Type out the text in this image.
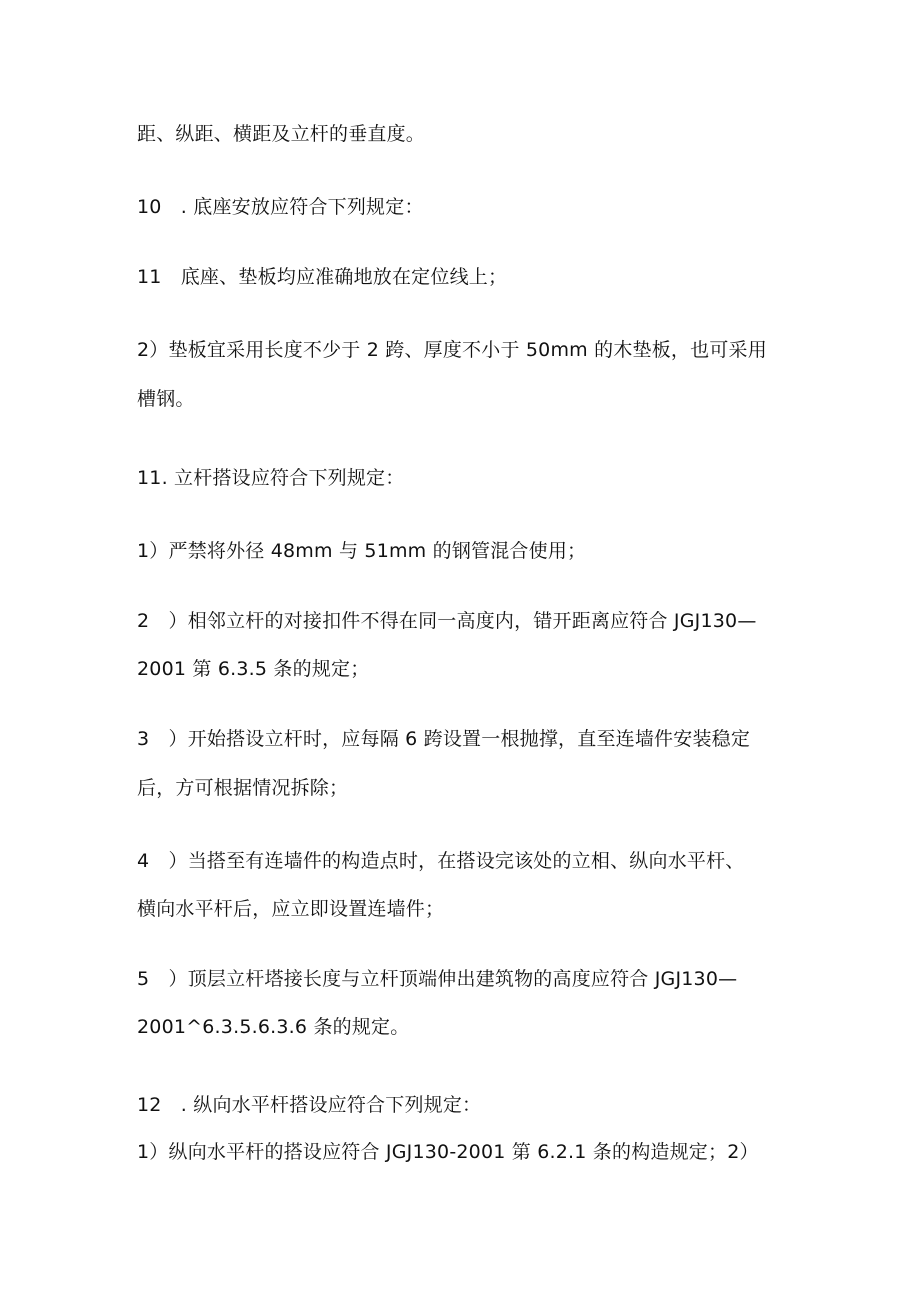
距、纵距、横距及立杆的垂直度。
10　. 底座安放应符合下列规定：
11　底座、垫板均应准确地放在定位线上；
2）垫板宜采用长度不少于 2 跨、厚度不小于 50mm 的木垫板，也可采用
槽钢。
11. 立杆搭设应符合下列规定：
1）严禁将外径 48mm 与 51mm 的钢管混合使用；
2　）相邻立杆的对接扣件不得在同一高度内，错开距离应符合 JGJ130—
2001 第 6.3.5 条的规定；
3　）开始搭设立杆时，应每隔 6 跨设置一根抛撑，直至连墙件安装稳定
后，方可根据情况拆除；
4　）当搭至有连墙件的构造点时，在搭设完该处的立相、纵向水平杆、
横向水平杆后，应立即设置连墙件；
5　）顶层立杆塔接长度与立杆顶端伸出建筑物的高度应符合 JGJ130—
2001^6.3.5.6.3.6 条的规定。
12　. 纵向水平杆搭设应符合下列规定：
1）纵向水平杆的搭设应符合 JGJ130-2001 第 6.2.1 条的构造规定；2）
